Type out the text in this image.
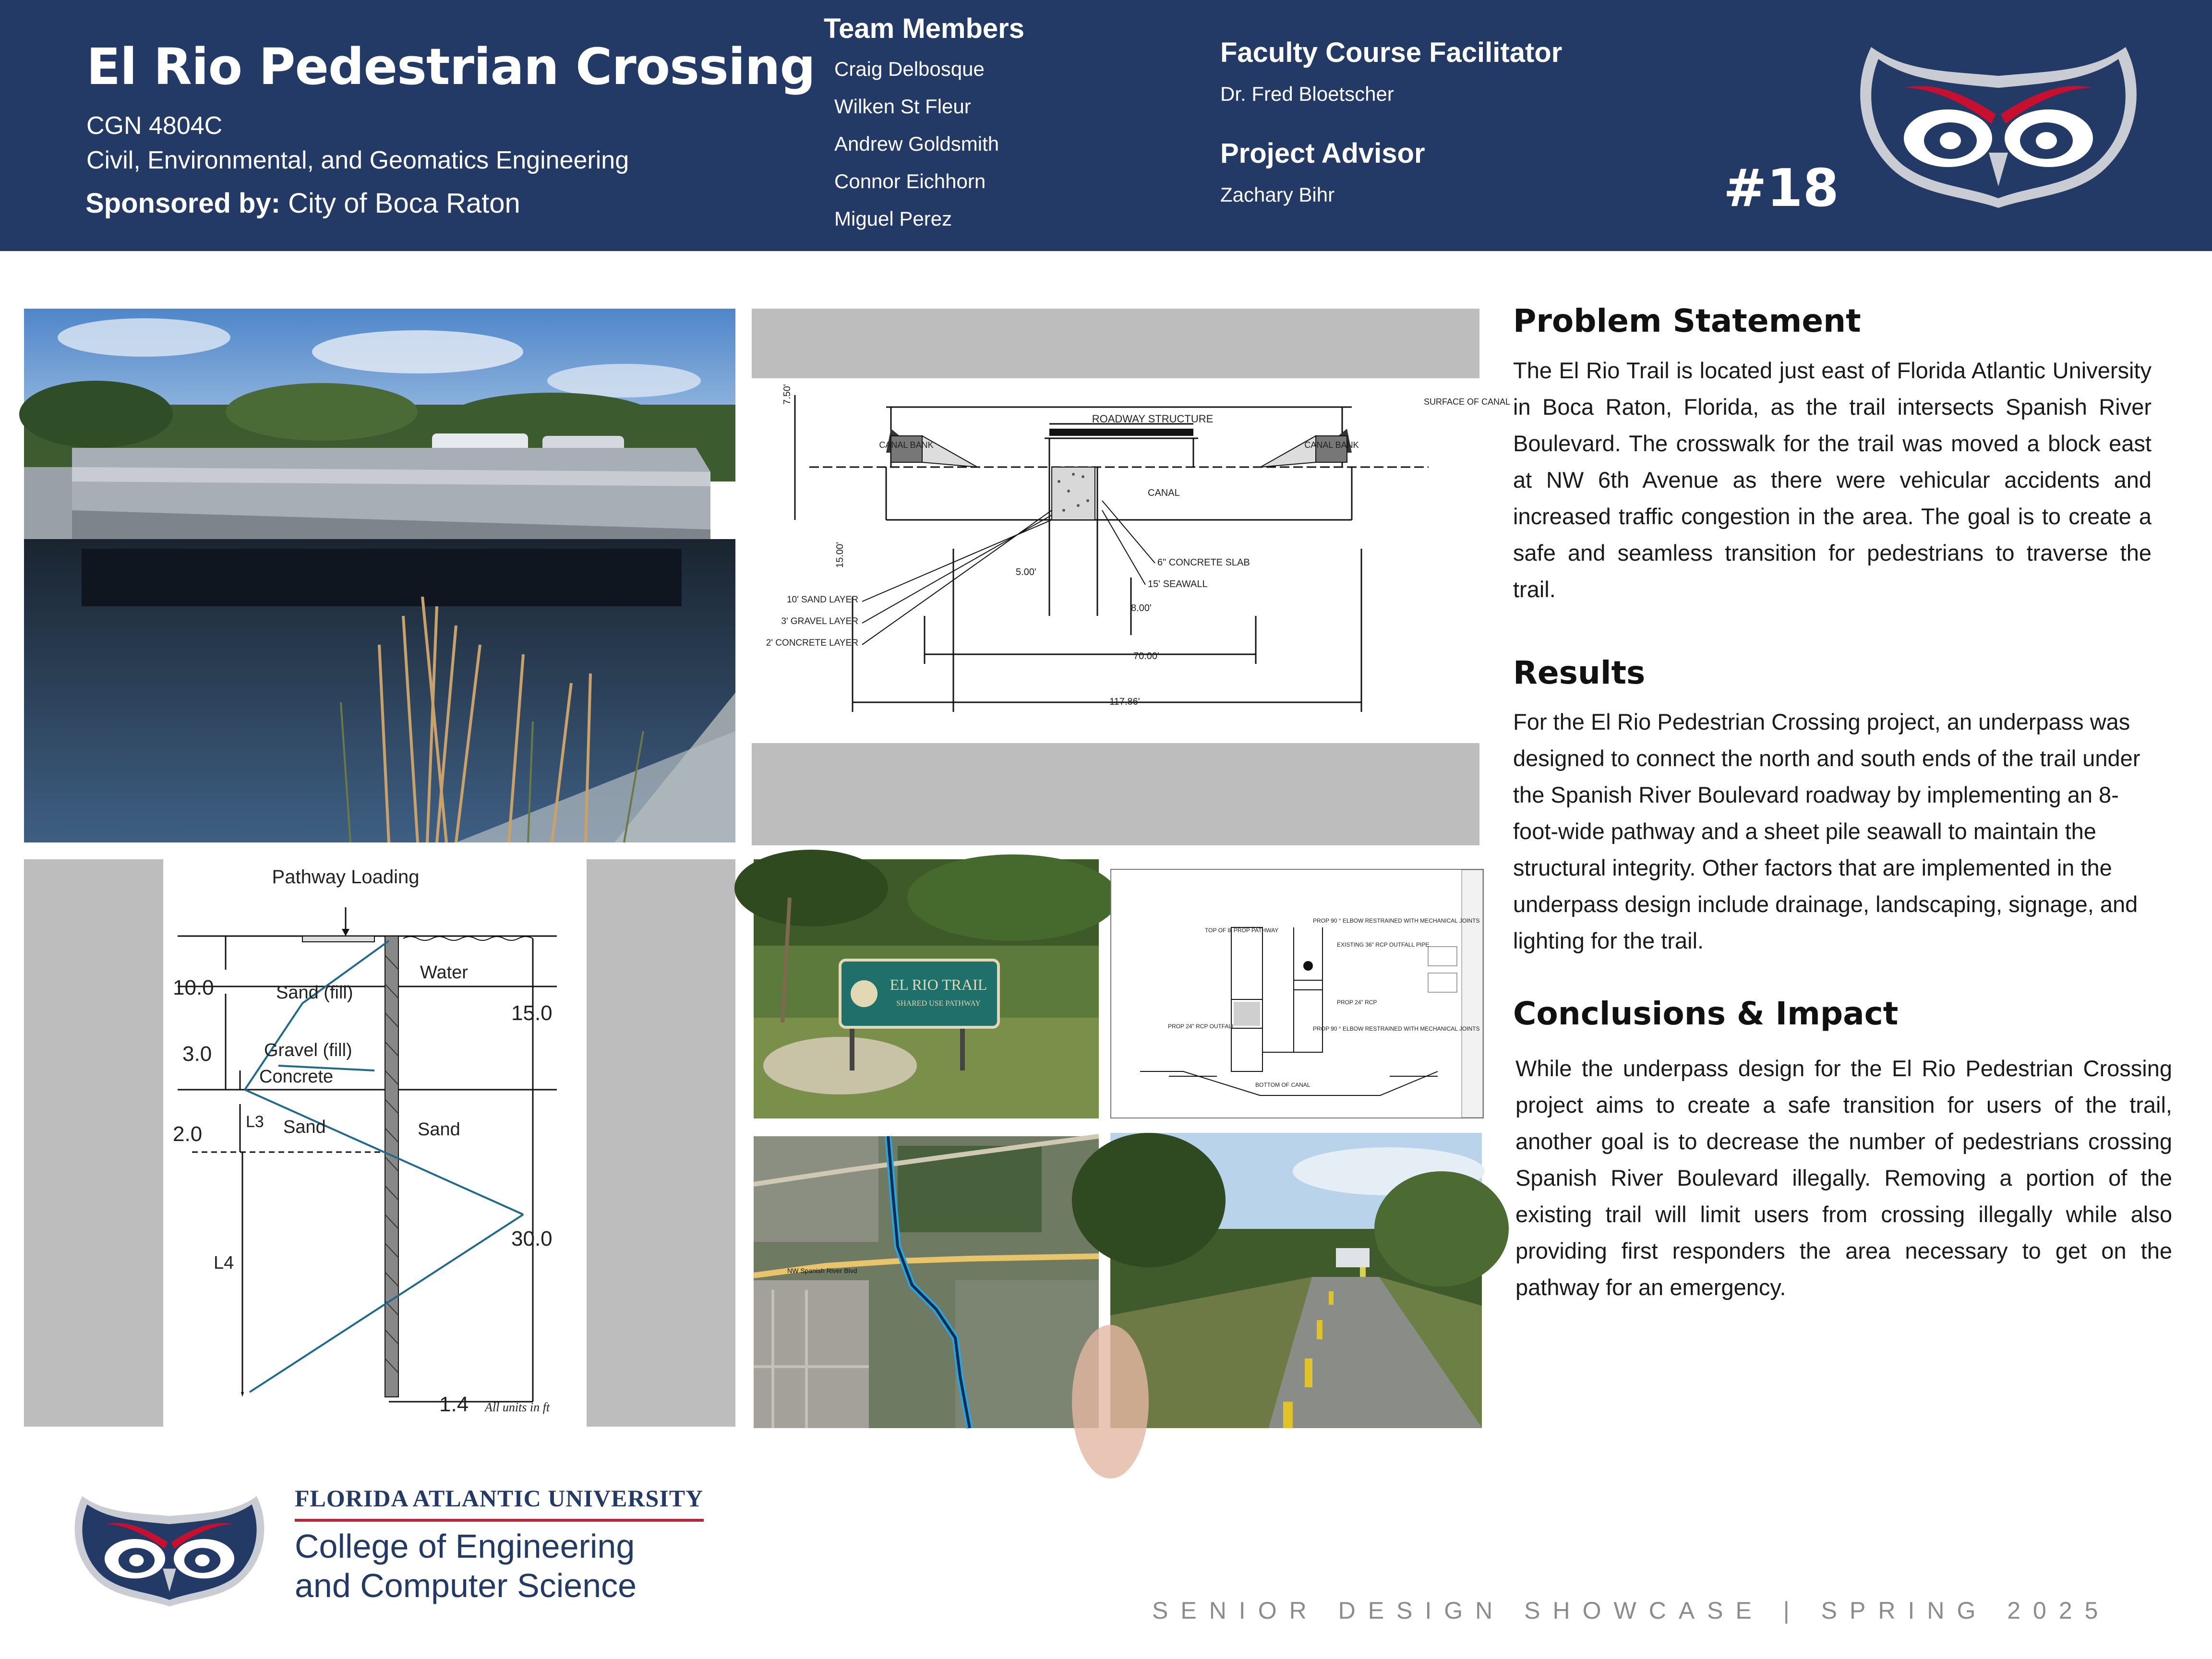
El Rio Pedestrian Crossing
CGN 4804C
Civil, Environmental, and Geomatics Engineering
Sponsored by: City of Boca Raton
Team Members
Craig Delbosque
Wilken St Fleur
Andrew Goldsmith
Connor Eichhorn
Miguel Perez
Faculty Course Facilitator
Dr. Fred Bloetscher
Project Advisor
Zachary Bihr	#18
ROADWAY STRUCTURE
CANAL BANK	CANAL BANK
CANAL
SURFACE OF CANAL
6" CONCRETE SLAB
15' SEAWALL
10' SAND LAYER
3' GRAVEL LAYER
2' CONCRETE LAYER
7.50'
15.00'
5.00'
8.00'
70.00'
117.86'
Pathway Loading
Sand (fill)
Gravel (fill)
Concrete
Sand	Sand
Water
10.0
3.0
2.0
15.0
30.0
1.4
L3
L4
All units in ft
EL RIO TRAIL
SHARED USE PATHWAY
TOP OF 8' PROP PATHWAY
PROP 90 ° ELBOW RESTRAINED WITH MECHANICAL JOINTS
EXISTING 36" RCP OUTFALL PIPE
PROP 24" RCP
PROP 24" RCP OUTFALL	PROP 90 ° ELBOW RESTRAINED WITH MECHANICAL JOINTS
BOTTOM OF CANAL
NW Spanish River Blvd
Problem Statement
The El Rio Trail is located just east of Florida Atlantic University in Boca Raton, Florida, as the trail intersects Spanish River Boulevard. The crosswalk for the trail was moved a block east at NW 6th Avenue as there were vehicular accidents and increased traffic congestion in the area. The goal is to create a safe and seamless transition for pedestrians to traverse the trail.
Results
For the El Rio Pedestrian Crossing project, an underpass was designed to connect the north and south ends of the trail under the Spanish River Boulevard roadway by implementing an 8-foot-wide pathway and a sheet pile seawall to maintain the structural integrity. Other factors that are implemented in the underpass design include drainage, landscaping, signage, and lighting for the trail.
Conclusions & Impact
While the underpass design for the El Rio Pedestrian Crossing project aims to create a safe transition for users of the trail, another goal is to decrease the number of pedestrians crossing Spanish River Boulevard illegally. Removing a portion of the existing trail will limit users from crossing illegally while also providing first responders the area necessary to get on the pathway for an emergency.
FLORIDA ATLANTIC UNIVERSITY
College of Engineering
and Computer Science
SENIOR DESIGN SHOWCASE | SPRING 2025
